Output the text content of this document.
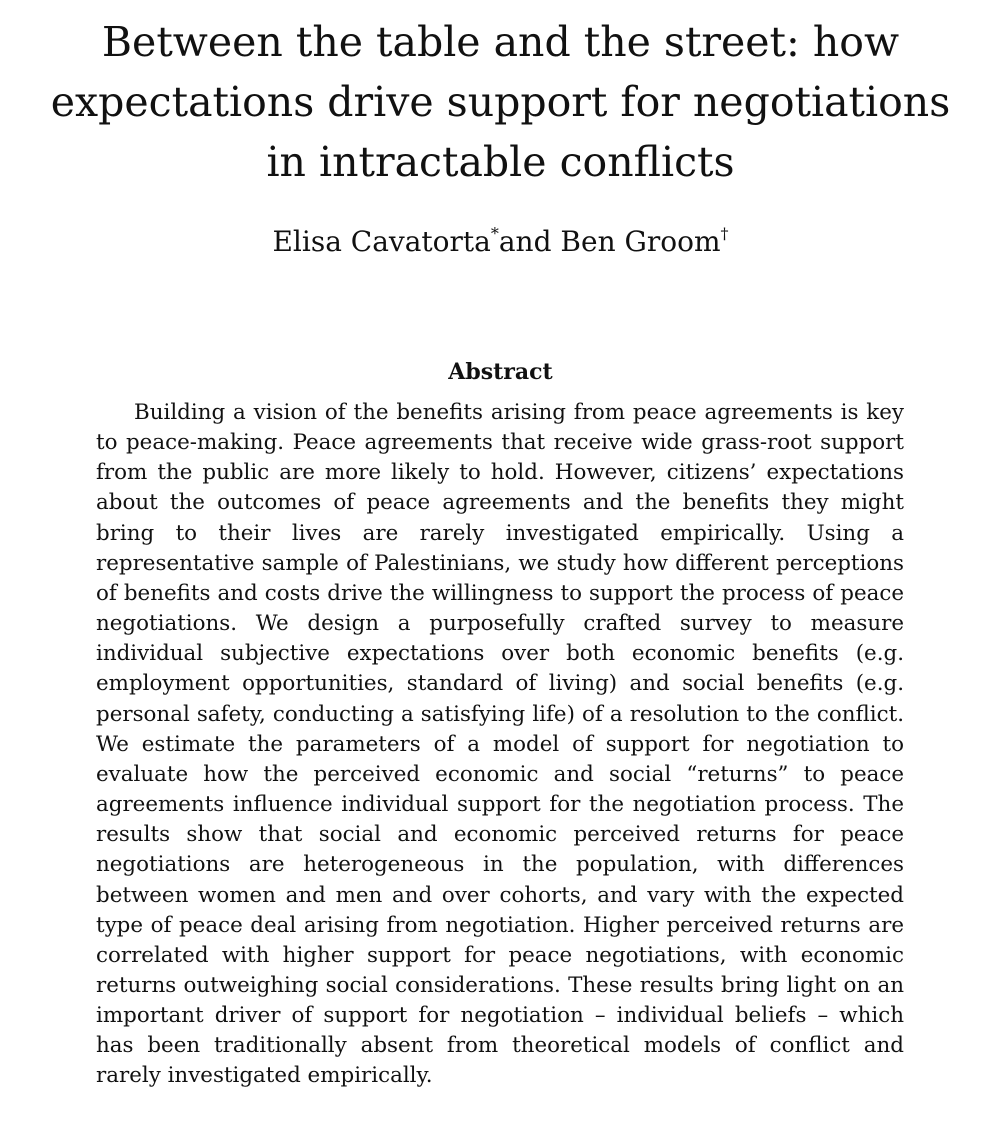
Between the table and the street: how expectations drive support for negotiations in intractable conflicts
Elisa Cavatorta*and Ben Groom†
Abstract

Building a vision of the benefits arising from peace agreements is key to peace-making. Peace agreements that receive wide grass-root support from the public are more likely to hold. However, citizens’ expectations about the outcomes of peace agreements and the benefits they might bring to their lives are rarely investigated empirically. Using a representative sample of Palestinians, we study how different perceptions of benefits and costs drive the willingness to support the process of peace negotiations. We design a purposefully crafted survey to measure individual subjective expectations over both economic benefits (e.g. employment opportunities, standard of living) and social benefits (e.g. personal safety, conducting a satisfying life) of a resolution to the conflict. We estimate the parameters of a model of support for negotiation to evaluate how the perceived economic and social “returns” to peace agreements influence individual support for the negotiation process. The results show that social and economic perceived returns for peace negotiations are heterogeneous in the population, with differences between women and men and over cohorts, and vary with the expected type of peace deal arising from negotiation. Higher perceived returns are correlated with higher support for peace negotiations, with economic returns outweighing social considerations. These results bring light on an important driver of support for negotiation – individual beliefs – which has been traditionally absent from theoretical models of conflict and rarely investigated empirically.
